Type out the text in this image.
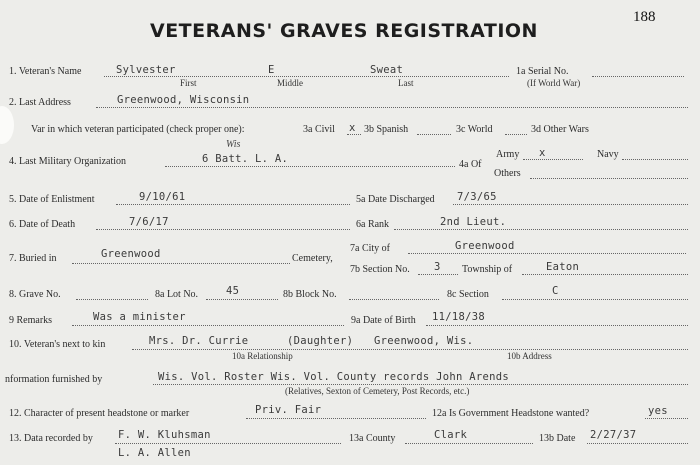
VETERANS' GRAVES REGISTRATION
188
1. Veteran's Name	Sylvester	E	Sweat
First	Middle	Last
1a Serial No.
(If World War)
2. Last Address	Greenwood, Wisconsin
Var in which veteran participated (check proper one):	3a Civil x 3b Spanish	3c World	3d Other Wars
4. Last Military Organization
Wis
6 Batt. L. A.	4a Of
Army x	Navy
Others
5. Date of Enlistment	9/10/61	5a Date Discharged 7/3/65
6. Date of Death	7/6/17	6a Rank	2nd Lieut.
7. Buried in	Greenwood	Cemetery,
7a City of	Greenwood
7b Section No. 3 Township of	Eaton
8. Grave No.	8a Lot No.	45	8b Block No.	8c Section	C
9 Remarks	Was a minister	9a Date of Birth 11/18/38
10. Veteran's next to kin	Mrs. Dr. Currie	(Daughter) Greenwood, Wis.
10a Relationship	10b Address
nformation furnished by	Wis. Vol. Roster Wis. Vol. County records John Arends
(Relatives, Sexton of Cemetery, Post Records, etc.)
12. Character of present headstone or marker	Priv. Fair	12a Is Government Headstone wanted?	yes
13. Data recorded by F. W. Kluhsman
L. A. Allen
13a County	Clark	13b Date 2/27/37
